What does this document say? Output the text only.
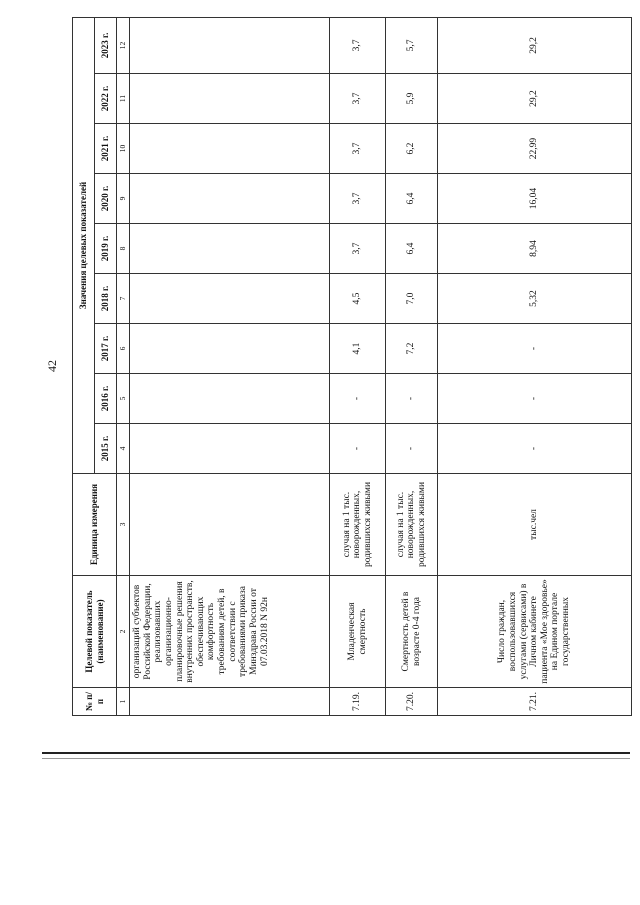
42
№ п/п	Целевой показатель (наименование)	Единица измерения	Значения целевых показателей								
			2015 г.	2016 г.	2017 г.	2018 г.	2019 г.	2020 г.	2021 г.	2022 г.	2023 г.
1	2	3	4	5	6	7	8	9	10	11	12
	организаций субъектов Российской Федерации, реализовавших организационно-планировочные решения внутренних пространств, обеспечивающих комфортность требованиям детей, в соответствии с требованиями приказа Минздрава России от 07.03.2018 N 92н										
7.19.	Младенческая смертность	случая на 1 тыс. новорожденных, родившихся живыми	-	-	4,1	4,5	3,7	3,7	3,7	3,7	3,7
7.20.	Смертность детей в возрасте 0-4 года	случая на 1 тыс. новорожденных, родившихся живыми	-	-	7,2	7,0	6,4	6,4	6,2	5,9	5,7
7.21.	Число граждан, воспользовавшихся услугами (сервисами) в Личном кабинете пациента «Мое здоровье» на Едином портале государственных	тыс.чел	-	-	-	5,32	8,94	16,04	22,99	29,2	29,2
